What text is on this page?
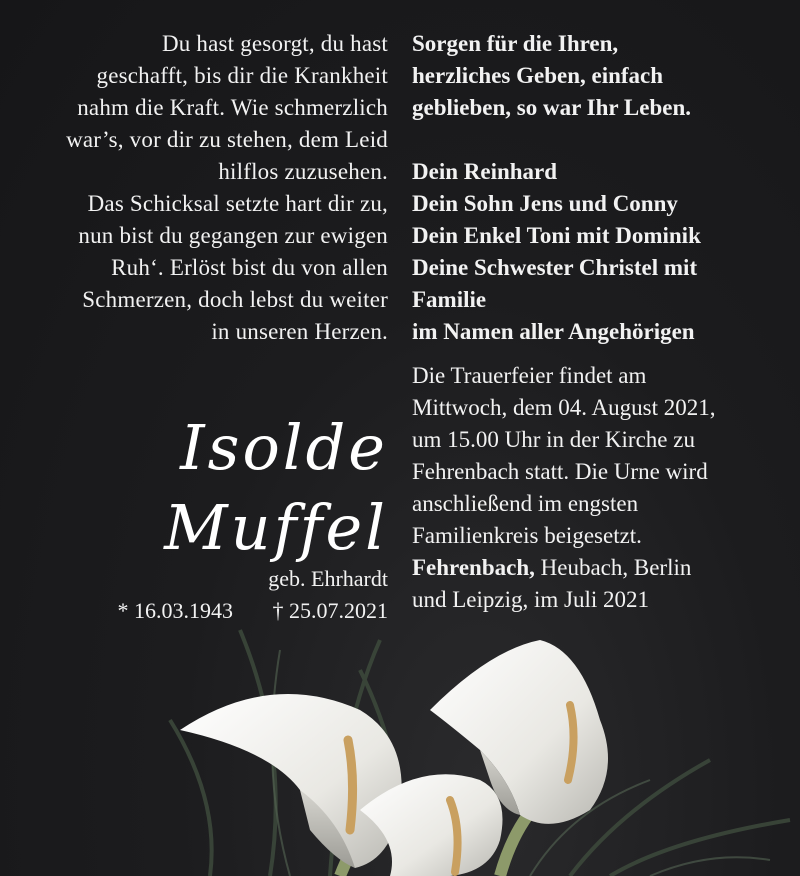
Du hast gesorgt, du hast
geschafft, bis dir die Krankheit
nahm die Kraft. Wie schmerzlich
war’s, vor dir zu stehen, dem Leid
hilflos zuzusehen.
Das Schicksal setzte hart dir zu,
nun bist du gegangen zur ewigen
Ruh‘. Erlöst bist du von allen
Schmerzen, doch lebst du weiter
in unseren Herzen.
Isolde
Muffel
geb. Ehrhardt
* 16.03.1943 † 25.07.2021
Sorgen für die Ihren,
herzliches Geben, einfach
geblieben, so war Ihr Leben.
Dein Reinhard
Dein Sohn Jens und Conny
Dein Enkel Toni mit Dominik
Deine Schwester Christel mit
Familie
im Namen aller Angehörigen
Die Trauerfeier findet am
Mittwoch, dem 04. August 2021,
um 15.00 Uhr in der Kirche zu
Fehrenbach statt. Die Urne wird
anschließend im engsten
Familienkreis beigesetzt.
Fehrenbach, Heubach, Berlin
und Leipzig, im Juli 2021
